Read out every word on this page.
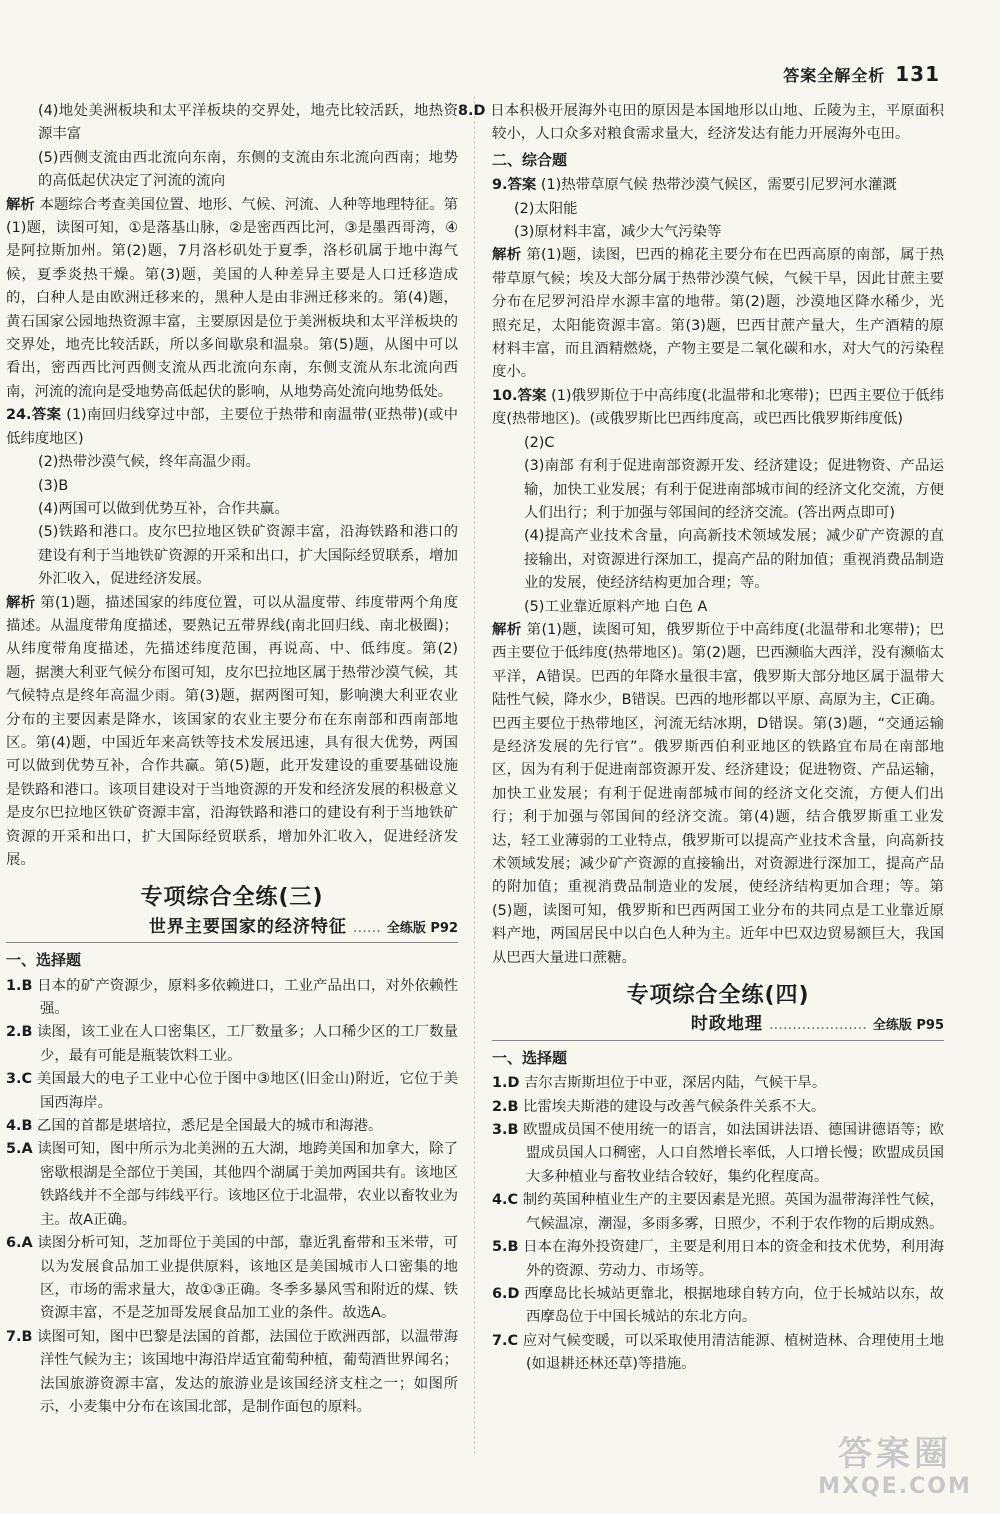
答案全解全析 131

(4)地处美洲板块和太平洋板块的交界处，地壳比较活跃，地热资源丰富

(5)西侧支流由西北流向东南，东侧的支流由东北流向西南；地势的高低起伏决定了河流的流向

解析 本题综合考查美国位置、地形、气候、河流、人种等地理特征。第(1)题，读图可知，①是落基山脉，②是密西西比河，③是墨西哥湾，④是阿拉斯加州。第(2)题，7月洛杉矶处于夏季，洛杉矶属于地中海气候，夏季炎热干燥。第(3)题，美国的人种差异主要是人口迁移造成的，白种人是由欧洲迁移来的，黑种人是由非洲迁移来的。第(4)题，黄石国家公园地热资源丰富，主要原因是位于美洲板块和太平洋板块的交界处，地壳比较活跃，所以多间歇泉和温泉。第(5)题，从图中可以看出，密西西比河西侧支流从西北流向东南，东侧支流从东北流向西南，河流的流向是受地势高低起伏的影响，从地势高处流向地势低处。

24.答案 (1)南回归线穿过中部，主要位于热带和南温带(亚热带)(或中低纬度地区)

(2)热带沙漠气候，终年高温少雨。

(3)B

(4)两国可以做到优势互补，合作共赢。

(5)铁路和港口。皮尔巴拉地区铁矿资源丰富，沿海铁路和港口的建设有利于当地铁矿资源的开采和出口，扩大国际经贸联系，增加外汇收入，促进经济发展。

解析 第(1)题，描述国家的纬度位置，可以从温度带、纬度带两个角度描述。从温度带角度描述，要熟记五带界线(南北回归线、南北极圈)；从纬度带角度描述，先描述纬度范围，再说高、中、低纬度。第(2)题，据澳大利亚气候分布图可知，皮尔巴拉地区属于热带沙漠气候，其气候特点是终年高温少雨。第(3)题，据两图可知，影响澳大利亚农业分布的主要因素是降水，该国家的农业主要分布在东南部和西南部地区。第(4)题，中国近年来高铁等技术发展迅速，具有很大优势，两国可以做到优势互补，合作共赢。第(5)题，此开发建设的重要基础设施是铁路和港口。该项目建设对于当地资源的开发和经济发展的积极意义是皮尔巴拉地区铁矿资源丰富，沿海铁路和港口的建设有利于当地铁矿资源的开采和出口，扩大国际经贸联系，增加外汇收入，促进经济发展。

专项综合全练(三)
世界主要国家的经济特征 …… 全练版 P92
一、选择题

1.B 日本的矿产资源少，原料多依赖进口，工业产品出口，对外依赖性强。

2.B 读图，该工业在人口密集区，工厂数量多；人口稀少区的工厂数量少，最有可能是瓶装饮料工业。

3.C 美国最大的电子工业中心位于图中③地区(旧金山)附近，它位于美国西海岸。

4.B 乙国的首都是堪培拉，悉尼是全国最大的城市和海港。

5.A 读图可知，图中所示为北美洲的五大湖，地跨美国和加拿大，除了密歇根湖是全部位于美国，其他四个湖属于美加两国共有。该地区铁路线并不全部与纬线平行。该地区位于北温带，农业以畜牧业为主。故A正确。

6.A 读图分析可知，芝加哥位于美国的中部，靠近乳畜带和玉米带，可以为发展食品加工业提供原料，该地区是美国城市人口密集的地区，市场的需求量大，故①③正确。冬季多暴风雪和附近的煤、铁资源丰富，不是芝加哥发展食品加工业的条件。故选A。

7.B 读图可知，图中巴黎是法国的首都，法国位于欧洲西部，以温带海洋性气候为主；该国地中海沿岸适宜葡萄种植，葡萄酒世界闻名；法国旅游资源丰富，发达的旅游业是该国经济支柱之一；如图所示，小麦集中分布在该国北部，是制作面包的原料。

8.D 日本积极开展海外屯田的原因是本国地形以山地、丘陵为主，平原面积较小，人口众多对粮食需求量大，经济发达有能力开展海外屯田。

二、综合题

9.答案 (1)热带草原气候 热带沙漠气候区，需要引尼罗河水灌溉

(2)太阳能

(3)原材料丰富，减少大气污染等

解析 第(1)题，读图，巴西的棉花主要分布在巴西高原的南部，属于热带草原气候；埃及大部分属于热带沙漠气候，气候干旱，因此甘蔗主要分布在尼罗河沿岸水源丰富的地带。第(2)题，沙漠地区降水稀少，光照充足，太阳能资源丰富。第(3)题，巴西甘蔗产量大，生产酒精的原材料丰富，而且酒精燃烧，产物主要是二氧化碳和水，对大气的污染程度小。

10.答案 (1)俄罗斯位于中高纬度(北温带和北寒带)；巴西主要位于低纬度(热带地区)。(或俄罗斯比巴西纬度高，或巴西比俄罗斯纬度低)

(2)C

(3)南部 有利于促进南部资源开发、经济建设；促进物资、产品运输，加快工业发展；有利于促进南部城市间的经济文化交流，方便人们出行；利于加强与邻国间的经济交流。(答出两点即可)

(4)提高产业技术含量，向高新技术领域发展；减少矿产资源的直接输出，对资源进行深加工，提高产品的附加值；重视消费品制造业的发展，使经济结构更加合理；等。

(5)工业靠近原料产地 白色 A

解析 第(1)题，读图可知，俄罗斯位于中高纬度(北温带和北寒带)；巴西主要位于低纬度(热带地区)。第(2)题，巴西濒临大西洋，没有濒临太平洋，A错误。巴西的年降水量很丰富，俄罗斯大部分地区属于温带大陆性气候，降水少，B错误。巴西的地形都以平原、高原为主，C正确。巴西主要位于热带地区，河流无结冰期，D错误。第(3)题，“交通运输是经济发展的先行官”。俄罗斯西伯利亚地区的铁路宜布局在南部地区，因为有利于促进南部资源开发、经济建设；促进物资、产品运输，加快工业发展；有利于促进南部城市间的经济文化交流，方便人们出行；利于加强与邻国间的经济交流。第(4)题，结合俄罗斯重工业发达，轻工业薄弱的工业特点，俄罗斯可以提高产业技术含量，向高新技术领域发展；减少矿产资源的直接输出，对资源进行深加工，提高产品的附加值；重视消费品制造业的发展，使经济结构更加合理；等。第(5)题，读图可知，俄罗斯和巴西两国工业分布的共同点是工业靠近原料产地，两国居民中以白色人种为主。近年中巴双边贸易额巨大，我国从巴西大量进口蔗糖。

专项综合全练(四)
时政地理 ………………… 全练版 P95
一、选择题

1.D 吉尔吉斯斯坦位于中亚，深居内陆，气候干旱。

2.B 比雷埃夫斯港的建设与改善气候条件关系不大。

3.B 欧盟成员国不使用统一的语言，如法国讲法语、德国讲德语等；欧盟成员国人口稠密，人口自然增长率低，人口增长慢；欧盟成员国大多种植业与畜牧业结合较好，集约化程度高。

4.C 制约英国种植业生产的主要因素是光照。英国为温带海洋性气候，气候温凉，潮湿，多雨多雾，日照少，不利于农作物的后期成熟。

5.B 日本在海外投资建厂，主要是利用日本的资金和技术优势，利用海外的资源、劳动力、市场等。

6.D 西摩岛比长城站更靠北，根据地球自转方向，位于长城站以东，故西摩岛位于中国长城站的东北方向。

7.C 应对气候变暖，可以采取使用清洁能源、植树造林、合理使用土地(如退耕还林还草)等措施。

答案圈
MXQE.COM
